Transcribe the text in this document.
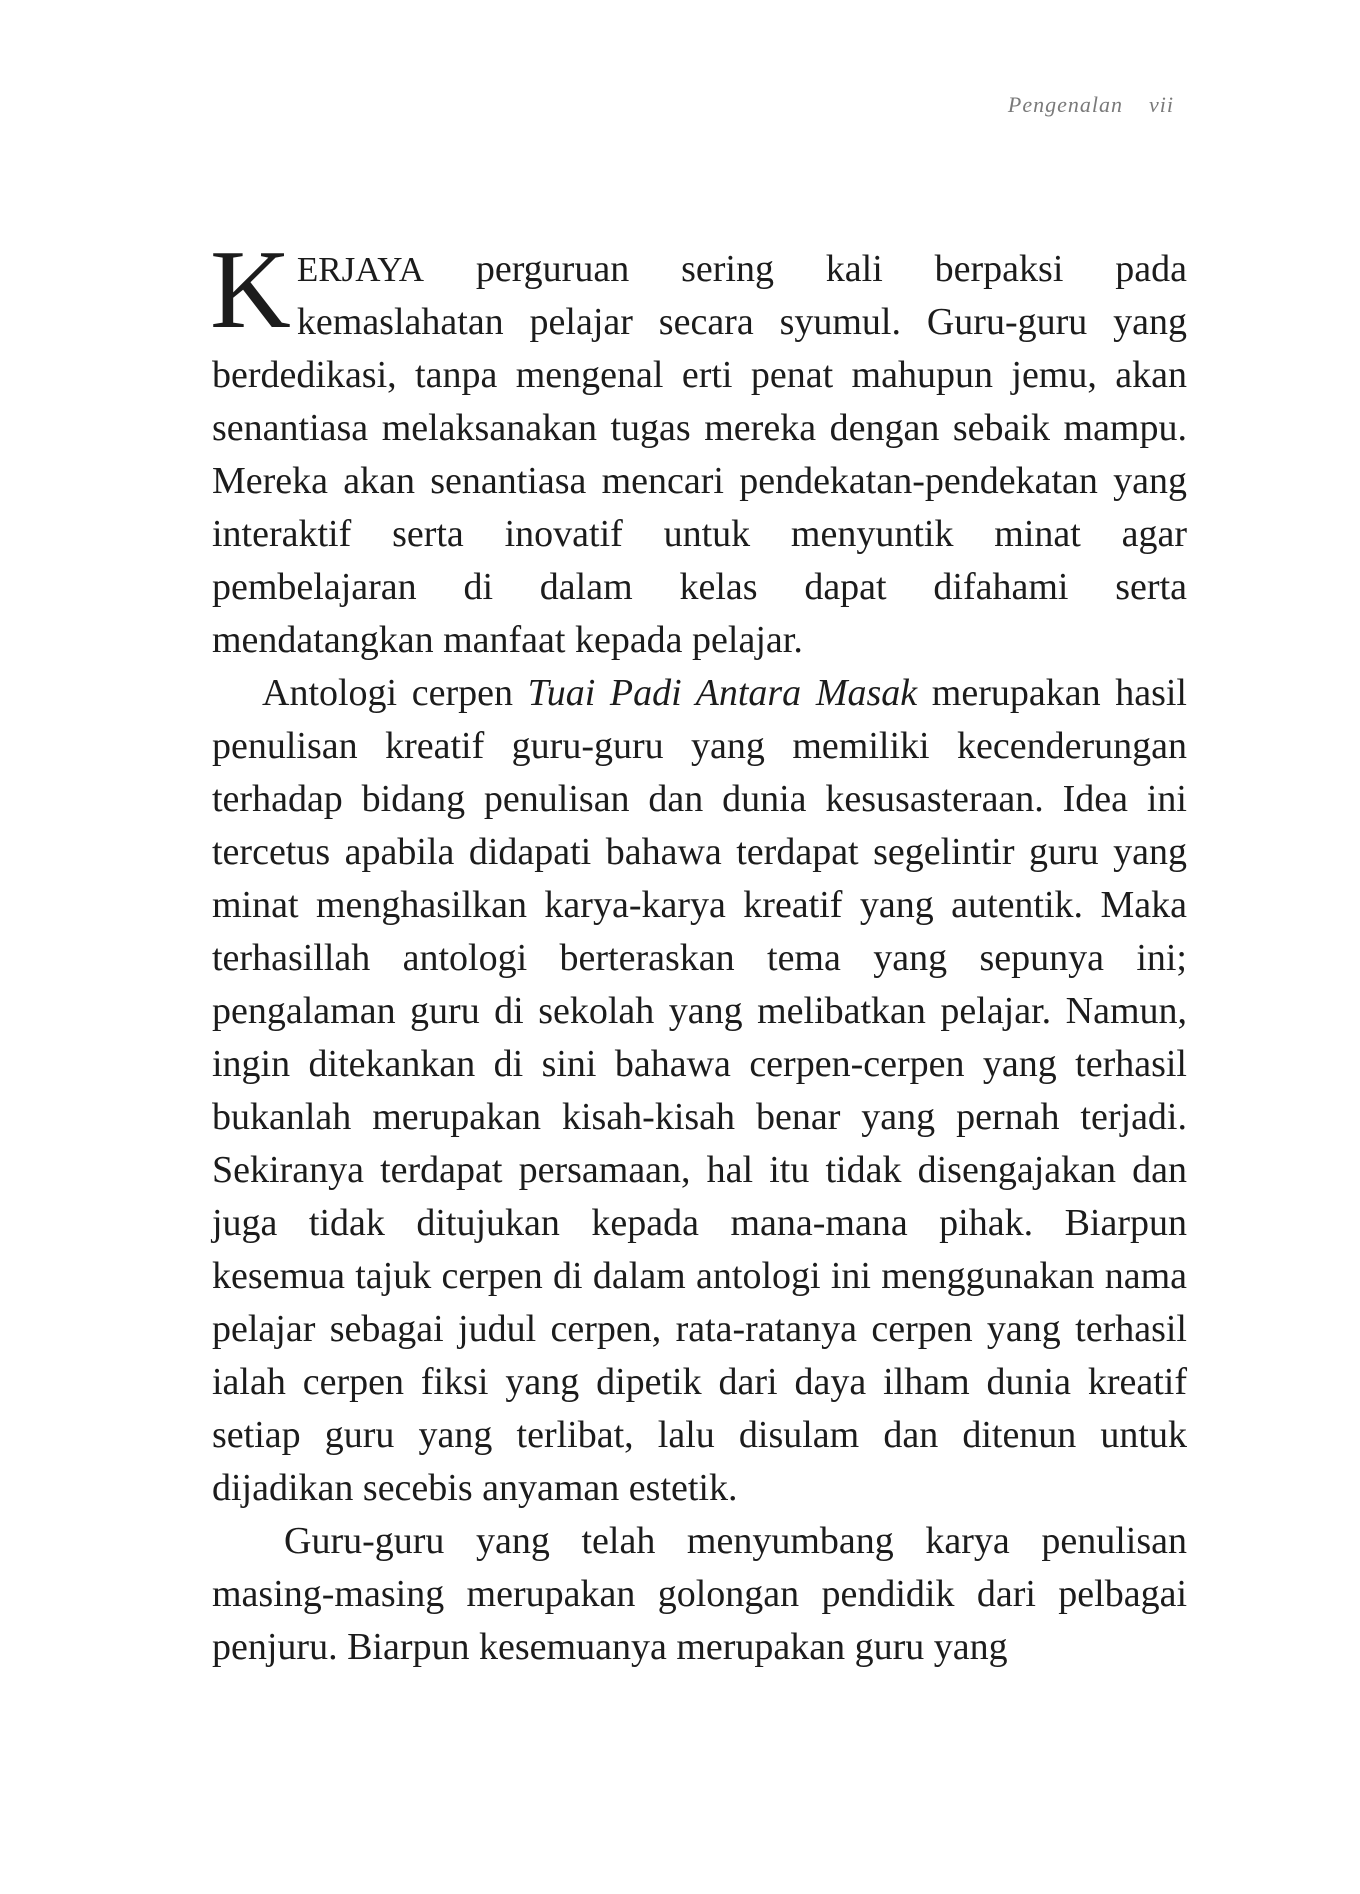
Pengenalan vii

KERJAYA perguruan sering kali berpaksi pada kemaslahatan pelajar secara syumul. Guru-guru yang berdedikasi, tanpa mengenal erti penat mahupun jemu, akan senantiasa melaksanakan tugas mereka dengan sebaik mampu. Mereka akan senantiasa mencari pendekatan-pendekatan yang interaktif serta inovatif untuk menyuntik minat agar pembelajaran di dalam kelas dapat difahami serta mendatangkan manfaat kepada pelajar.

Antologi cerpen Tuai Padi Antara Masak merupakan hasil penulisan kreatif guru-guru yang memiliki kecenderungan terhadap bidang penulisan dan dunia kesusasteraan. Idea ini tercetus apabila didapati bahawa terdapat segelintir guru yang minat menghasilkan karya-karya kreatif yang autentik. Maka terhasillah antologi berteraskan tema yang sepunya ini; pengalaman guru di sekolah yang melibatkan pelajar. Namun, ingin ditekankan di sini bahawa cerpen-cerpen yang terhasil bukanlah merupakan kisah-kisah benar yang pernah terjadi. Sekiranya terdapat persamaan, hal itu tidak disengajakan dan juga tidak ditujukan kepada mana-mana pihak. Biarpun kesemua tajuk cerpen di dalam antologi ini menggunakan nama pelajar sebagai judul cerpen, rata-ratanya cerpen yang terhasil ialah cerpen fiksi yang dipetik dari daya ilham dunia kreatif setiap guru yang terlibat, lalu disulam dan ditenun untuk dijadikan secebis anyaman estetik.

Guru-guru yang telah menyumbang karya penulisan masing-masing merupakan golongan pendidik dari pelbagai penjuru. Biarpun kesemuanya merupakan guru yang
